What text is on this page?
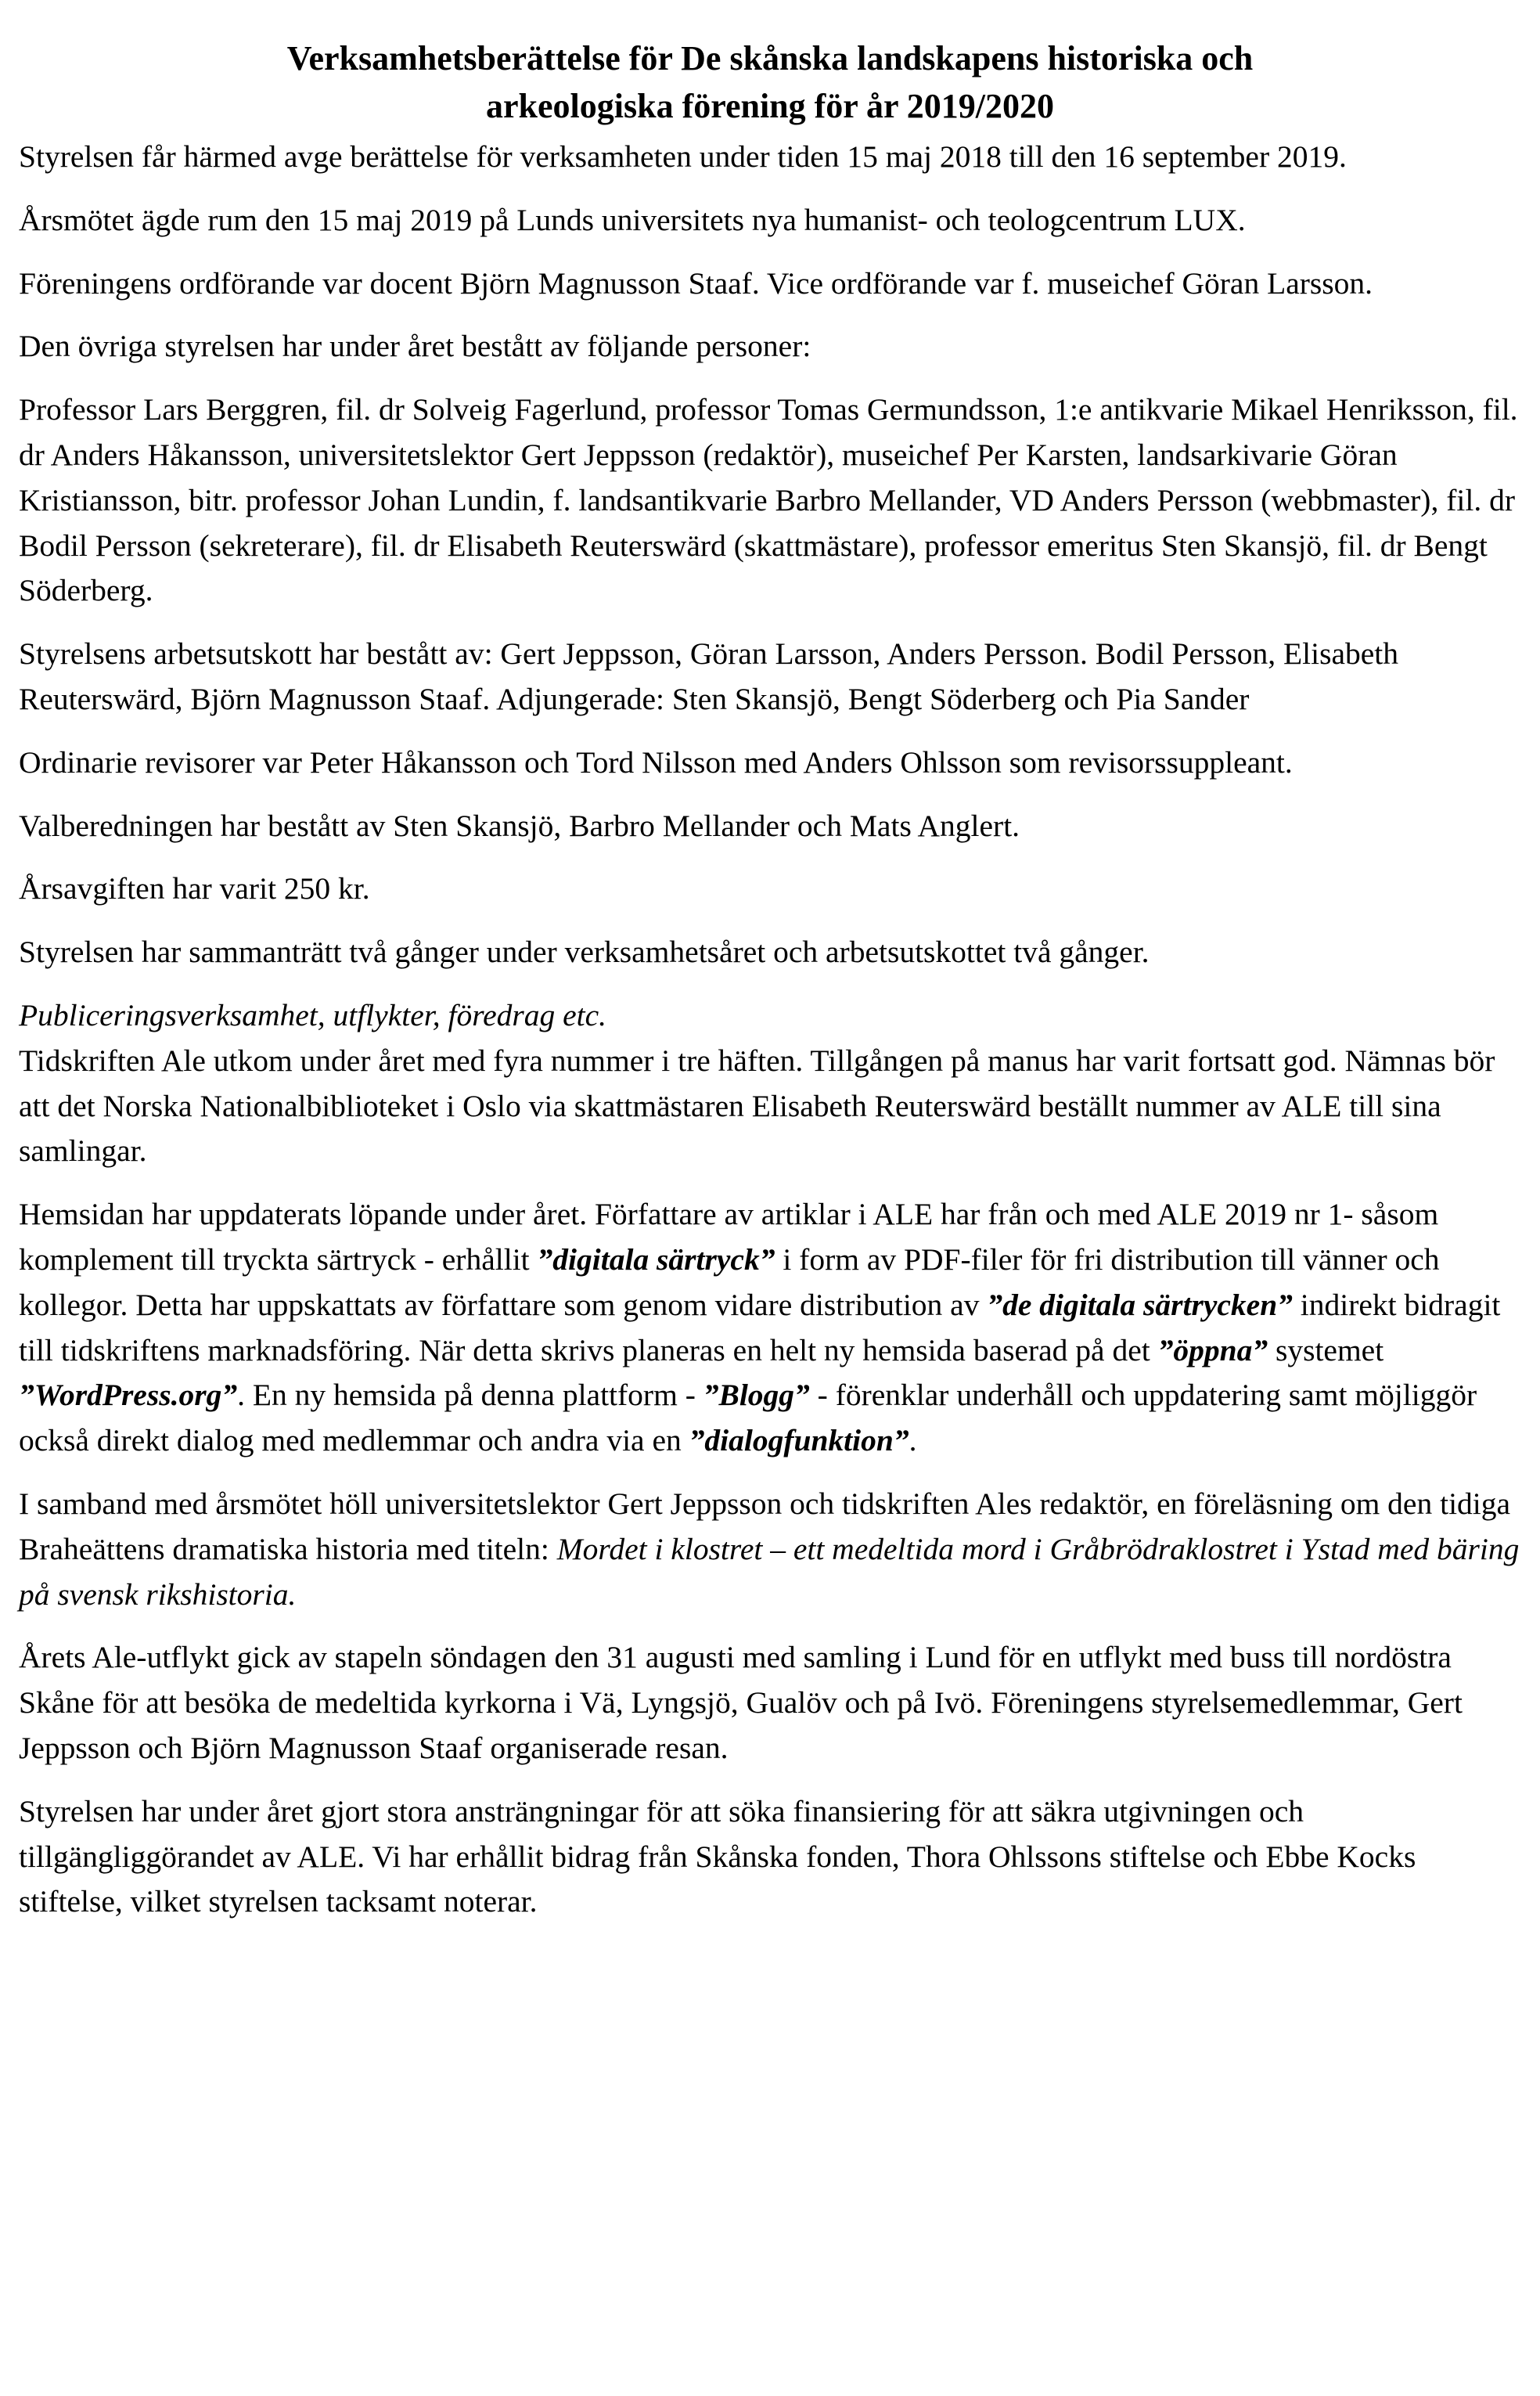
Verksamhetsberättelse för De skånska landskapens historiska och
arkeologiska förening för år 2019/2020

Styrelsen får härmed avge berättelse för verksamheten under tiden 15 maj 2018 till den 16 september 2019.

Årsmötet ägde rum den 15 maj 2019 på Lunds universitets nya humanist- och teologcentrum LUX.

Föreningens ordförande var docent Björn Magnusson Staaf. Vice ordförande var f. museichef Göran Larsson.

Den övriga styrelsen har under året bestått av följande personer:

Professor Lars Berggren, fil. dr Solveig Fagerlund, professor Tomas Germundsson, 1:e antikvarie Mikael Henriksson, fil. dr Anders Håkansson, universitetslektor Gert Jeppsson (redaktör), museichef Per Karsten, landsarkivarie Göran Kristiansson, bitr. professor Johan Lundin, f. landsantikvarie Barbro Mellander, VD Anders Persson (webbmaster), fil. dr Bodil Persson (sekreterare), fil. dr Elisabeth Reuterswärd (skattmästare), professor emeritus Sten Skansjö, fil. dr Bengt Söderberg.

Styrelsens arbetsutskott har bestått av: Gert Jeppsson, Göran Larsson, Anders Persson. Bodil Persson, Elisabeth Reuterswärd, Björn Magnusson Staaf. Adjungerade: Sten Skansjö, Bengt Söderberg och Pia Sander

Ordinarie revisorer var Peter Håkansson och Tord Nilsson med Anders Ohlsson som revisorssuppleant.

Valberedningen har bestått av Sten Skansjö, Barbro Mellander och Mats Anglert.

Årsavgiften har varit 250 kr.

Styrelsen har sammanträtt två gånger under verksamhetsåret och arbetsutskottet två gånger.

Publiceringsverksamhet, utflykter, föredrag etc.
Tidskriften Ale utkom under året med fyra nummer i tre häften. Tillgången på manus har varit fortsatt god. Nämnas bör att det Norska Nationalbiblioteket i Oslo via skattmästaren Elisabeth Reuterswärd beställt nummer av ALE till sina samlingar.

Hemsidan har uppdaterats löpande under året. Författare av artiklar i ALE har från och med ALE 2019 nr 1- såsom komplement till tryckta särtryck - erhållit ”digitala särtryck” i form av PDF-filer för fri distribution till vänner och kollegor. Detta har uppskattats av författare som genom vidare distribution av ”de digitala särtrycken” indirekt bidragit till tidskriftens marknadsföring. När detta skrivs planeras en helt ny hemsida baserad på det ”öppna” systemet ”WordPress.org”. En ny hemsida på denna plattform - ”Blogg” - förenklar underhåll och uppdatering samt möjliggör också direkt dialog med medlemmar och andra via en ”dialogfunktion”.

I samband med årsmötet höll universitetslektor Gert Jeppsson och tidskriften Ales redaktör, en föreläsning om den tidiga Braheättens dramatiska historia med titeln: Mordet i klostret – ett medeltida mord i Gråbrödraklostret i Ystad med bäring på svensk rikshistoria.

Årets Ale-utflykt gick av stapeln söndagen den 31 augusti med samling i Lund för en utflykt med buss till nordöstra Skåne för att besöka de medeltida kyrkorna i Vä, Lyngsjö, Gualöv och på Ivö. Föreningens styrelsemedlemmar, Gert Jeppsson och Björn Magnusson Staaf organiserade resan.

Styrelsen har under året gjort stora ansträngningar för att söka finansiering för att säkra utgivningen och tillgängliggörandet av ALE. Vi har erhållit bidrag från Skånska fonden, Thora Ohlssons stiftelse och Ebbe Kocks stiftelse, vilket styrelsen tacksamt noterar.
